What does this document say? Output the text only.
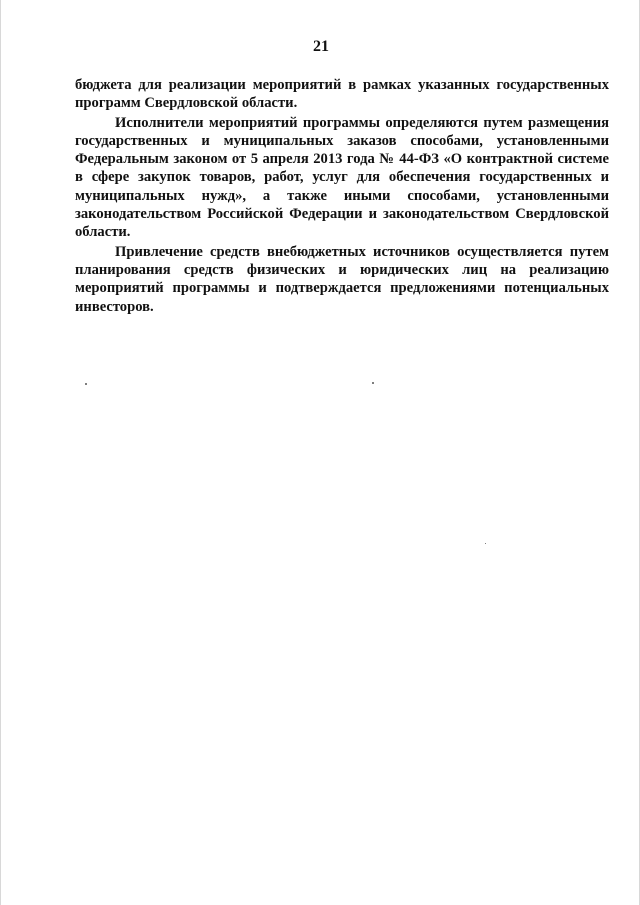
21

бюджета для реализации мероприятий в рамках указанных государственных программ Свердловской области.

Исполнители мероприятий программы определяются путем размещения государственных и муниципальных заказов способами, установленными Федеральным законом от 5 апреля 2013 года № 44-ФЗ «О контрактной системе в сфере закупок товаров, работ, услуг для обеспечения государственных и муниципальных нужд», а также иными способами, установленными законодательством Российской Федерации и законодательством Свердловской области.

Привлечение средств внебюджетных источников осуществляется путем планирования средств физических и юридических лиц на реализацию мероприятий программы и подтверждается предложениями потенциальных инвесторов.
